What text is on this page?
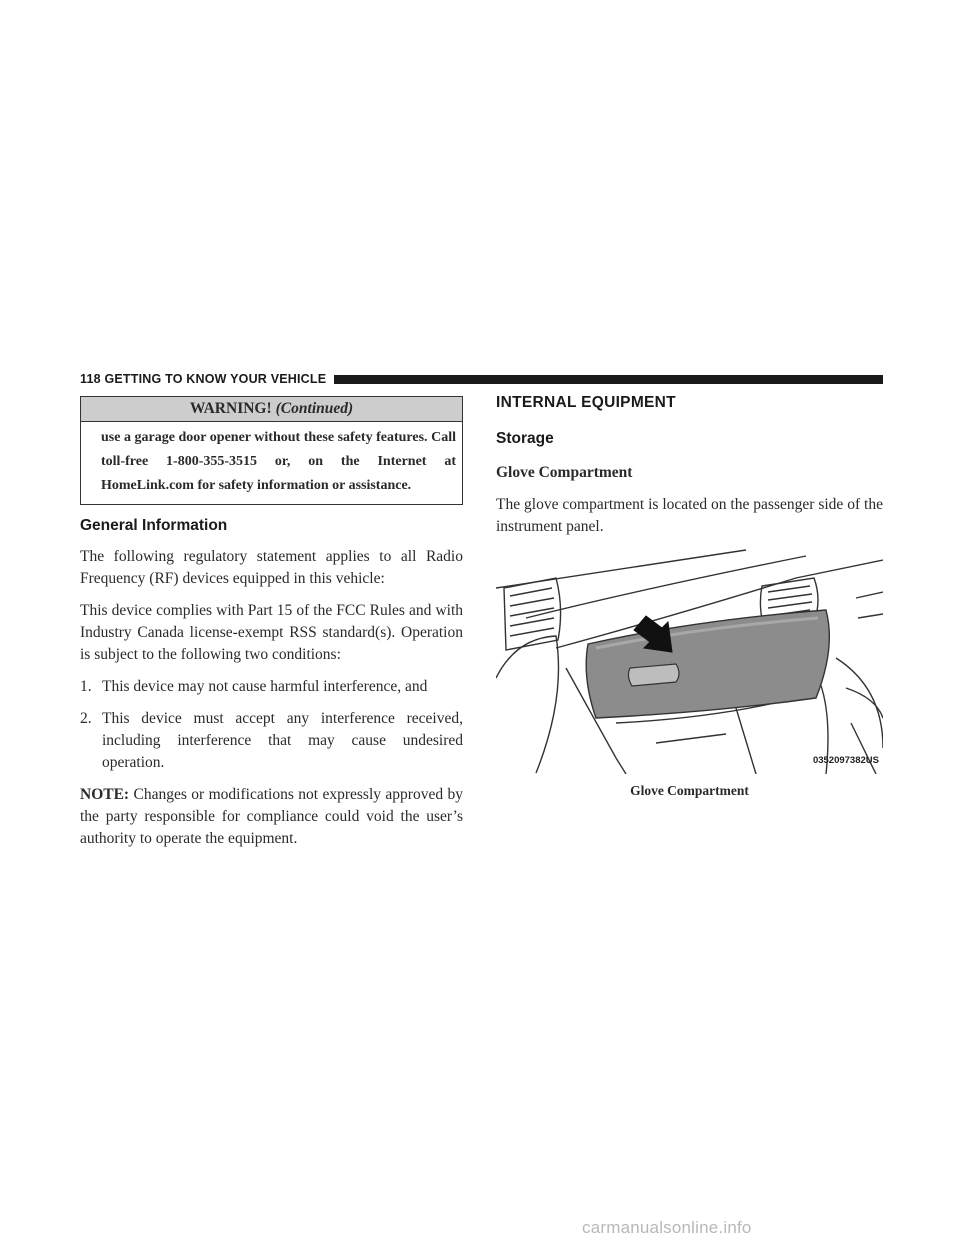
118 GETTING TO KNOW YOUR VEHICLE
WARNING! (Continued)
use a garage door opener without these safety features. Call toll-free 1-800-355-3515 or, on the Internet at HomeLink.com for safety information or assistance.
General Information

The following regulatory statement applies to all Radio Frequency (RF) devices equipped in this vehicle:

This device complies with Part 15 of the FCC Rules and with Industry Canada license-exempt RSS standard(s). Operation is subject to the following two conditions:

1. This device may not cause harmful interference, and
2. This device must accept any interference received, including interference that may cause undesired operation.

NOTE: Changes or modifications not expressly approved by the party responsible for compliance could void the user’s authority to operate the equipment.

INTERNAL EQUIPMENT
Storage
Glove Compartment

The glove compartment is located on the passenger side of the instrument panel.

0352097382US
Glove Compartment
carmanualsonline.info
